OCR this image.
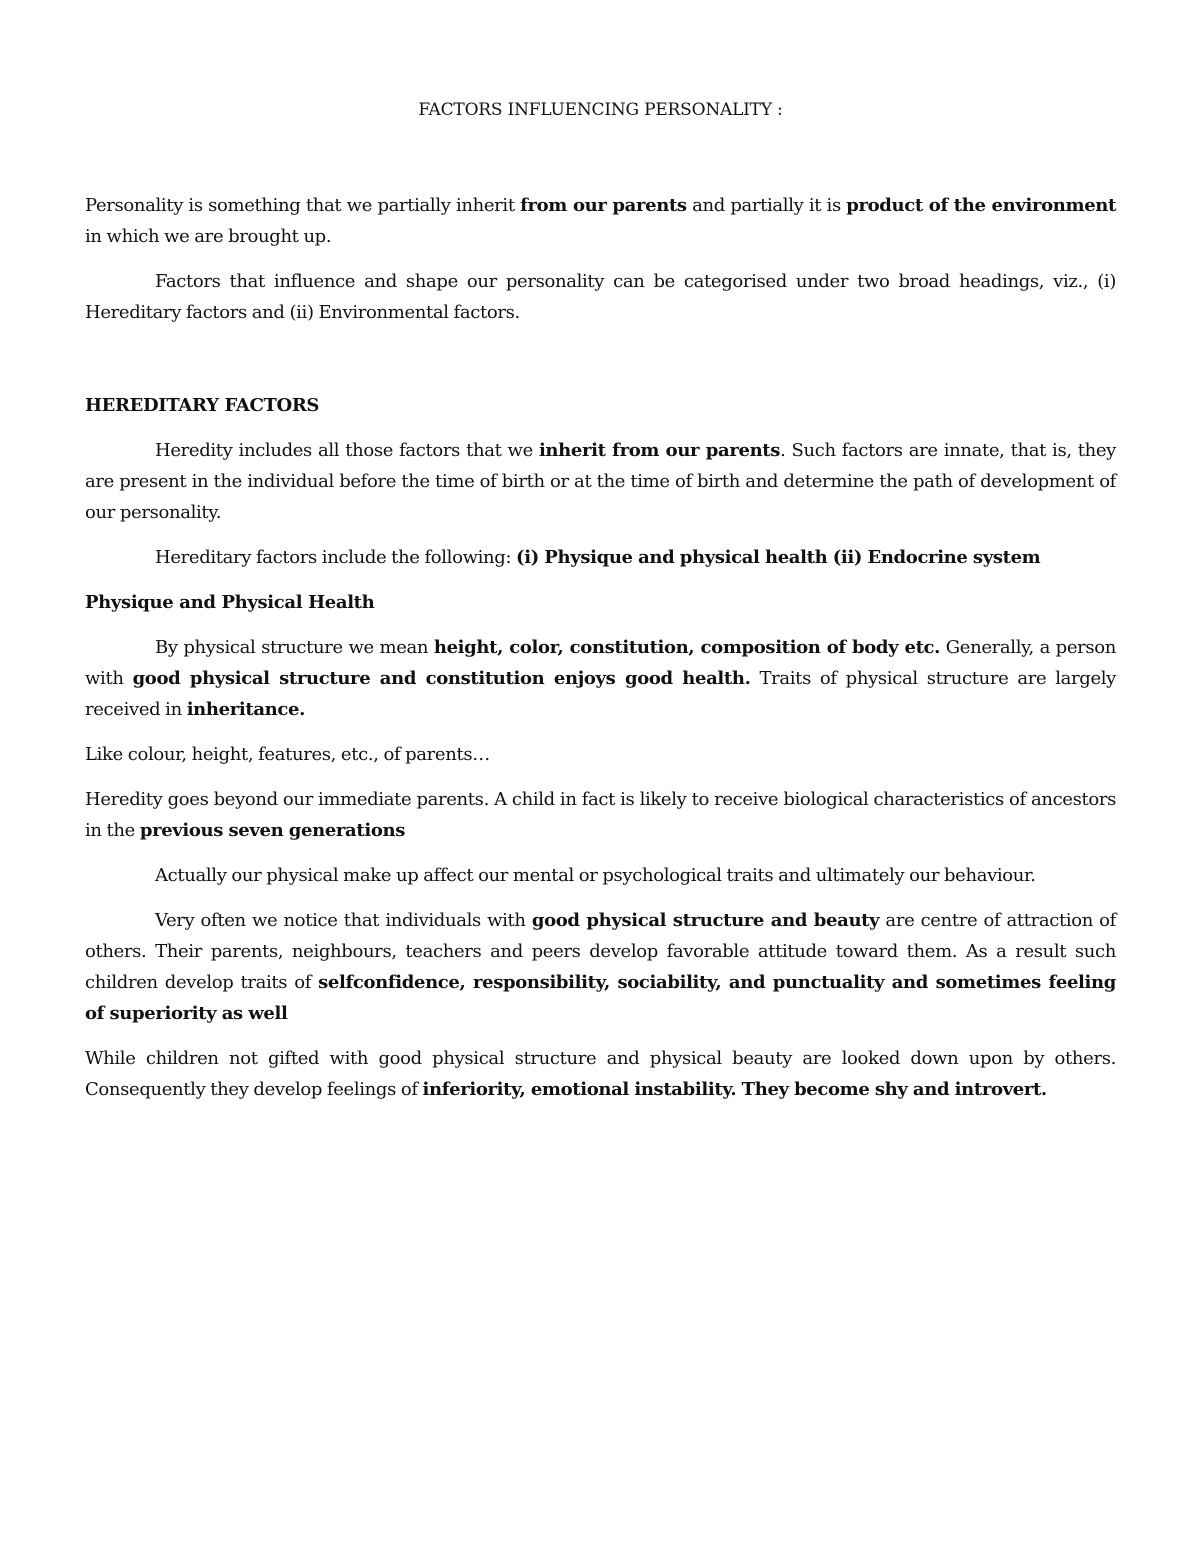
FACTORS INFLUENCING PERSONALITY :

Personality is something that we partially inherit from our parents and partially it is product of the environment in which we are brought up.

Factors that influence and shape our personality can be categorised under two broad headings, viz., (i) Hereditary factors and (ii) Environmental factors.

HEREDITARY FACTORS

Heredity includes all those factors that we inherit from our parents. Such factors are innate, that is, they are present in the individual before the time of birth or at the time of birth and determine the path of development of our personality.

Hereditary factors include the following: (i) Physique and physical health (ii) Endocrine system

Physique and Physical Health

By physical structure we mean height, color, constitution, composition of body etc. Generally, a person with good physical structure and constitution enjoys good health. Traits of physical structure are largely received in inheritance.

Like colour, height, features, etc., of parents…

Heredity goes beyond our immediate parents. A child in fact is likely to receive biological characteristics of ancestors in the previous seven generations

Actually our physical make up affect our mental or psychological traits and ultimately our behaviour.

Very often we notice that individuals with good physical structure and beauty are centre of attraction of others. Their parents, neighbours, teachers and peers develop favorable attitude toward them. As a result such children develop traits of selfconfidence, responsibility, sociability, and punctuality and sometimes feeling of superiority as well

While children not gifted with good physical structure and physical beauty are looked down upon by others. Consequently they develop feelings of inferiority, emotional instability. They become shy and introvert.
